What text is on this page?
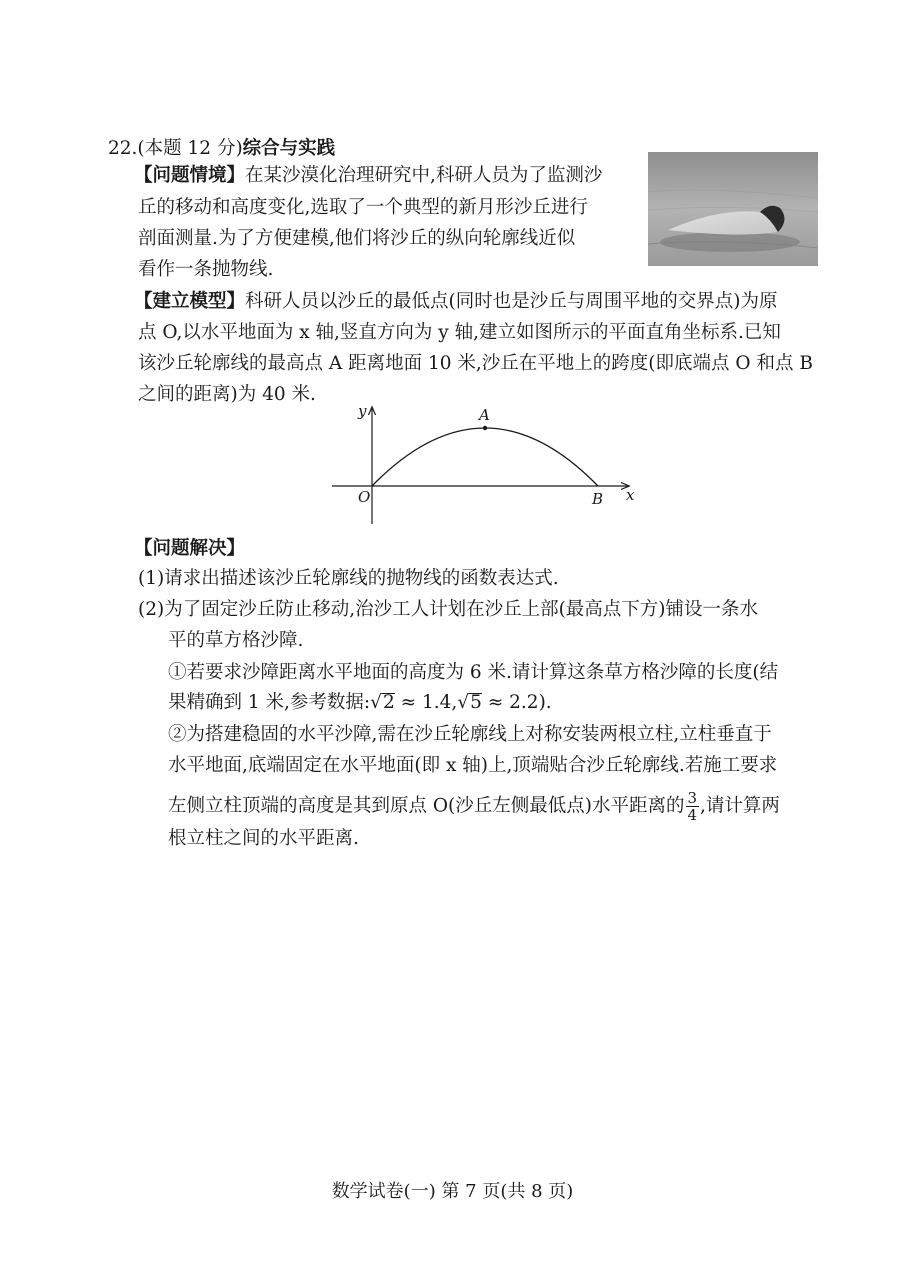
22.(本题 12 分)综合与实践
【问题情境】在某沙漠化治理研究中,科研人员为了监测沙
丘的移动和高度变化,选取了一个典型的新月形沙丘进行
剖面测量.为了方便建模,他们将沙丘的纵向轮廓线近似
看作一条抛物线.
【建立模型】科研人员以沙丘的最低点(同时也是沙丘与周围平地的交界点)为原
点 O,以水平地面为 x 轴,竖直方向为 y 轴,建立如图所示的平面直角坐标系.已知
该沙丘轮廓线的最高点 A 距离地面 10 米,沙丘在平地上的跨度(即底端点 O 和点 B
之间的距离)为 40 米.
y
x
O
A
B
【问题解决】
(1)请求出描述该沙丘轮廓线的抛物线的函数表达式.
(2)为了固定沙丘防止移动,治沙工人计划在沙丘上部(最高点下方)铺设一条水
平的草方格沙障.
①若要求沙障距离水平地面的高度为 6 米.请计算这条草方格沙障的长度(结
果精确到 1 米,参考数据:√2 ≈ 1.4,√5 ≈ 2.2).
②为搭建稳固的水平沙障,需在沙丘轮廓线上对称安装两根立柱,立柱垂直于
水平地面,底端固定在水平地面(即 x 轴)上,顶端贴合沙丘轮廓线.若施工要求
左侧立柱顶端的高度是其到原点 O(沙丘左侧最低点)水平距离的 $\frac{3}{4}$ ,请计算两
根立柱之间的水平距离.
数学试卷(一) 第 7 页(共 8 页)
